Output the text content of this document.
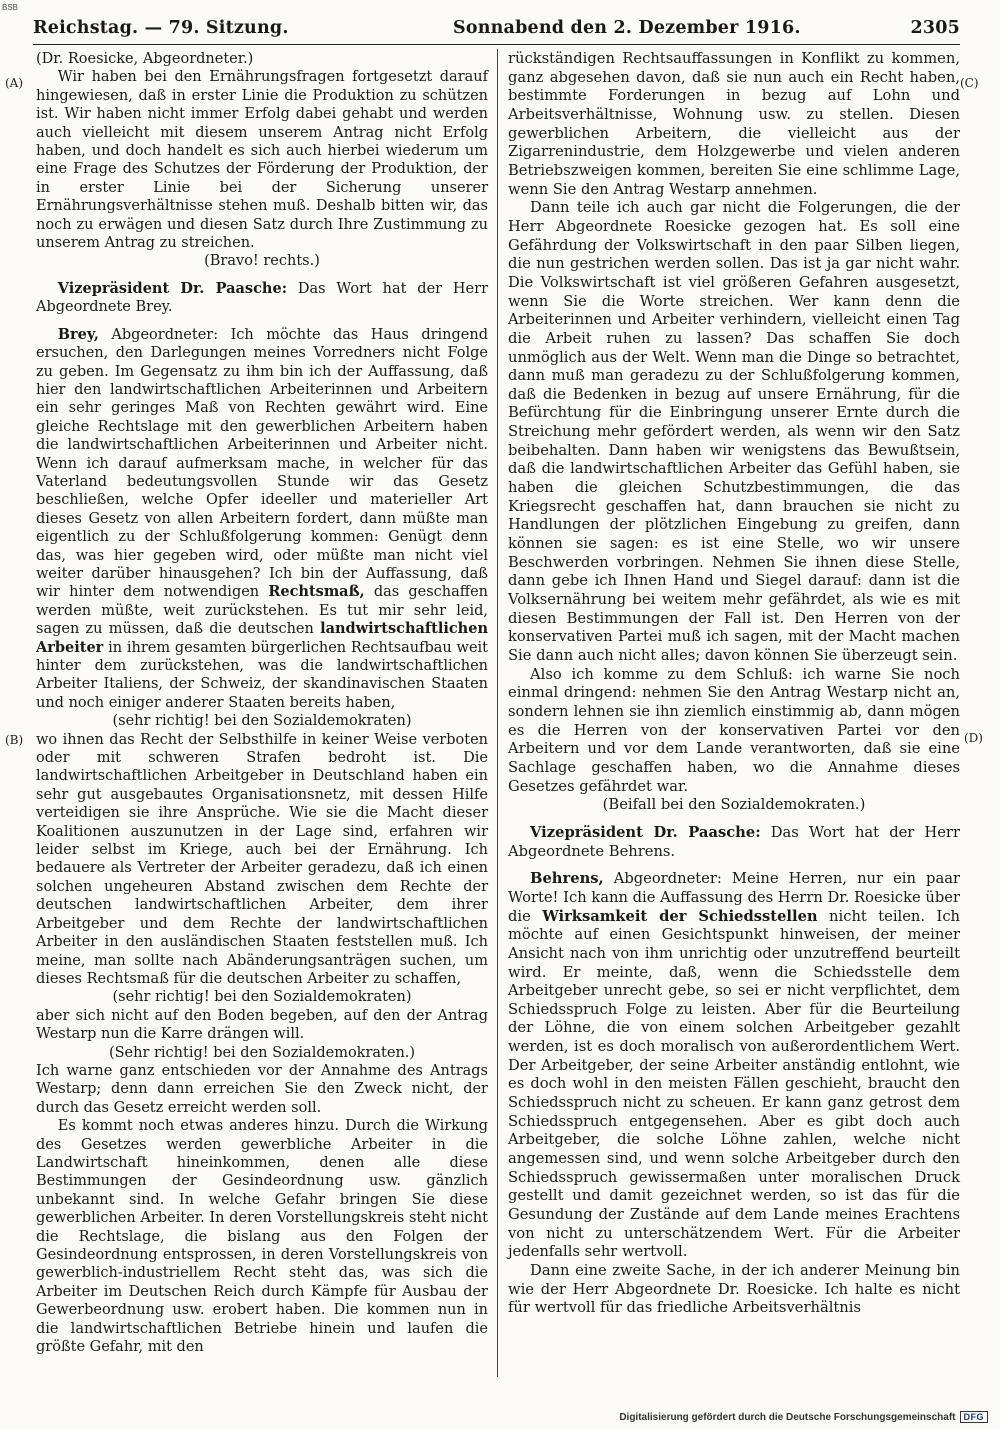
BSB
Reichstag. — 79. Sitzung.	Sonnabend den 2. Dezember 1916.	2305
(A)
(B)
(C)
(D)

(Dr. Roesicke, Abgeordneter.)

Wir haben bei den Ernährungsfragen fortgesetzt darauf hingewiesen, daß in erster Linie die Produktion zu schützen ist. Wir haben nicht immer Erfolg dabei gehabt und werden auch vielleicht mit diesem unserem Antrag nicht Erfolg haben, und doch handelt es sich auch hierbei wiederum um eine Frage des Schutzes der Förderung der Produktion, der in erster Linie bei der Sicherung unserer Ernährungsverhältnisse stehen muß. Deshalb bitten wir, das noch zu erwägen und diesen Satz durch Ihre Zustimmung zu unserem Antrag zu streichen.

(Bravo! rechts.)

Vizepräsident Dr. Paasche: Das Wort hat der Herr Abgeordnete Brey.

Brey, Abgeordneter: Ich möchte das Haus dringend ersuchen, den Darlegungen meines Vorredners nicht Folge zu geben. Im Gegensatz zu ihm bin ich der Auffassung, daß hier den landwirtschaftlichen Arbeiterinnen und Arbeitern ein sehr geringes Maß von Rechten gewährt wird. Eine gleiche Rechtslage mit den gewerblichen Arbeitern haben die landwirtschaftlichen Arbeiterinnen und Arbeiter nicht. Wenn ich darauf aufmerksam mache, in welcher für das Vaterland bedeutungsvollen Stunde wir das Gesetz beschließen, welche Opfer ideeller und materieller Art dieses Gesetz von allen Arbeitern fordert, dann müßte man eigentlich zu der Schlußfolgerung kommen: Genügt denn das, was hier gegeben wird, oder müßte man nicht viel weiter darüber hinausgehen? Ich bin der Auffassung, daß wir hinter dem notwendigen Rechtsmaß, das geschaffen werden müßte, weit zurückstehen. Es tut mir sehr leid, sagen zu müssen, daß die deutschen landwirtschaftlichen Arbeiter in ihrem gesamten bürgerlichen Rechtsaufbau weit hinter dem zurückstehen, was die landwirtschaftlichen Arbeiter Italiens, der Schweiz, der skandinavischen Staaten und noch einiger anderer Staaten bereits haben,

(sehr richtig! bei den Sozialdemokraten)

wo ihnen das Recht der Selbsthilfe in keiner Weise verboten oder mit schweren Strafen bedroht ist. Die landwirtschaftlichen Arbeitgeber in Deutschland haben ein sehr gut ausgebautes Organisationsnetz, mit dessen Hilfe verteidigen sie ihre Ansprüche. Wie sie die Macht dieser Koalitionen auszunutzen in der Lage sind, erfahren wir leider selbst im Kriege, auch bei der Ernährung. Ich bedauere als Vertreter der Arbeiter geradezu, daß ich einen solchen ungeheuren Abstand zwischen dem Rechte der deutschen landwirtschaftlichen Arbeiter, dem ihrer Arbeitgeber und dem Rechte der landwirtschaftlichen Arbeiter in den ausländischen Staaten feststellen muß. Ich meine, man sollte nach Abänderungsanträgen suchen, um dieses Rechtsmaß für die deutschen Arbeiter zu schaffen,

(sehr richtig! bei den Sozialdemokraten)

aber sich nicht auf den Boden begeben, auf den der Antrag Westarp nun die Karre drängen will.

(Sehr richtig! bei den Sozialdemokraten.)

Ich warne ganz entschieden vor der Annahme des Antrags Westarp; denn dann erreichen Sie den Zweck nicht, der durch das Gesetz erreicht werden soll.

Es kommt noch etwas anderes hinzu. Durch die Wirkung des Gesetzes werden gewerbliche Arbeiter in die Landwirtschaft hineinkommen, denen alle diese Bestimmungen der Gesindeordnung usw. gänzlich unbekannt sind. In welche Gefahr bringen Sie diese gewerblichen Arbeiter. In deren Vorstellungskreis steht nicht die Rechtslage, die bislang aus den Folgen der Gesindeordnung entsprossen, in deren Vorstellungskreis von gewerblich-industriellem Recht steht das, was sich die Arbeiter im Deutschen Reich durch Kämpfe für Ausbau der Gewerbeordnung usw. erobert haben. Die kommen nun in die landwirtschaftlichen Betriebe hinein und laufen die größte Gefahr, mit den

rückständigen Rechtsauffassungen in Konflikt zu kommen, ganz abgesehen davon, daß sie nun auch ein Recht haben, bestimmte Forderungen in bezug auf Lohn und Arbeitsverhältnisse, Wohnung usw. zu stellen. Diesen gewerblichen Arbeitern, die vielleicht aus der Zigarrenindustrie, dem Holzgewerbe und vielen anderen Betriebszweigen kommen, bereiten Sie eine schlimme Lage, wenn Sie den Antrag Westarp annehmen.

Dann teile ich auch gar nicht die Folgerungen, die der Herr Abgeordnete Roesicke gezogen hat. Es soll eine Gefährdung der Volkswirtschaft in den paar Silben liegen, die nun gestrichen werden sollen. Das ist ja gar nicht wahr. Die Volkswirtschaft ist viel größeren Gefahren ausgesetzt, wenn Sie die Worte streichen. Wer kann denn die Arbeiterinnen und Arbeiter verhindern, vielleicht einen Tag die Arbeit ruhen zu lassen? Das schaffen Sie doch unmöglich aus der Welt. Wenn man die Dinge so betrachtet, dann muß man geradezu zu der Schlußfolgerung kommen, daß die Bedenken in bezug auf unsere Ernährung, für die Befürchtung für die Einbringung unserer Ernte durch die Streichung mehr gefördert werden, als wenn wir den Satz beibehalten. Dann haben wir wenigstens das Bewußtsein, daß die landwirtschaftlichen Arbeiter das Gefühl haben, sie haben die gleichen Schutzbestimmungen, die das Kriegsrecht geschaffen hat, dann brauchen sie nicht zu Handlungen der plötzlichen Eingebung zu greifen, dann können sie sagen: es ist eine Stelle, wo wir unsere Beschwerden vorbringen. Nehmen Sie ihnen diese Stelle, dann gebe ich Ihnen Hand und Siegel darauf: dann ist die Volksernährung bei weitem mehr gefährdet, als wie es mit diesen Bestimmungen der Fall ist. Den Herren von der konservativen Partei muß ich sagen, mit der Macht machen Sie dann auch nicht alles; davon können Sie überzeugt sein.

Also ich komme zu dem Schluß: ich warne Sie noch einmal dringend: nehmen Sie den Antrag Westarp nicht an, sondern lehnen sie ihn ziemlich einstimmig ab, dann mögen es die Herren von der konservativen Partei vor den Arbeitern und vor dem Lande verantworten, daß sie eine Sachlage geschaffen haben, wo die Annahme dieses Gesetzes gefährdet war.

(Beifall bei den Sozialdemokraten.)

Vizepräsident Dr. Paasche: Das Wort hat der Herr Abgeordnete Behrens.

Behrens, Abgeordneter: Meine Herren, nur ein paar Worte! Ich kann die Auffassung des Herrn Dr. Roesicke über die Wirksamkeit der Schiedsstellen nicht teilen. Ich möchte auf einen Gesichtspunkt hinweisen, der meiner Ansicht nach von ihm unrichtig oder unzutreffend beurteilt wird. Er meinte, daß, wenn die Schiedsstelle dem Arbeitgeber unrecht gebe, so sei er nicht verpflichtet, dem Schiedsspruch Folge zu leisten. Aber für die Beurteilung der Löhne, die von einem solchen Arbeitgeber gezahlt werden, ist es doch moralisch von außerordentlichem Wert. Der Arbeitgeber, der seine Arbeiter anständig entlohnt, wie es doch wohl in den meisten Fällen geschieht, braucht den Schiedsspruch nicht zu scheuen. Er kann ganz getrost dem Schiedsspruch entgegensehen. Aber es gibt doch auch Arbeitgeber, die solche Löhne zahlen, welche nicht angemessen sind, und wenn solche Arbeitgeber durch den Schiedsspruch gewissermaßen unter moralischen Druck gestellt und damit gezeichnet werden, so ist das für die Gesundung der Zustände auf dem Lande meines Erachtens von nicht zu unterschätzendem Wert. Für die Arbeiter jedenfalls sehr wertvoll.

Dann eine zweite Sache, in der ich anderer Meinung bin wie der Herr Abgeordnete Dr. Roesicke. Ich halte es nicht für wertvoll für das friedliche Arbeitsverhältnis

Digitalisierung gefördert durch die Deutsche Forschungsgemeinschaft DFG
